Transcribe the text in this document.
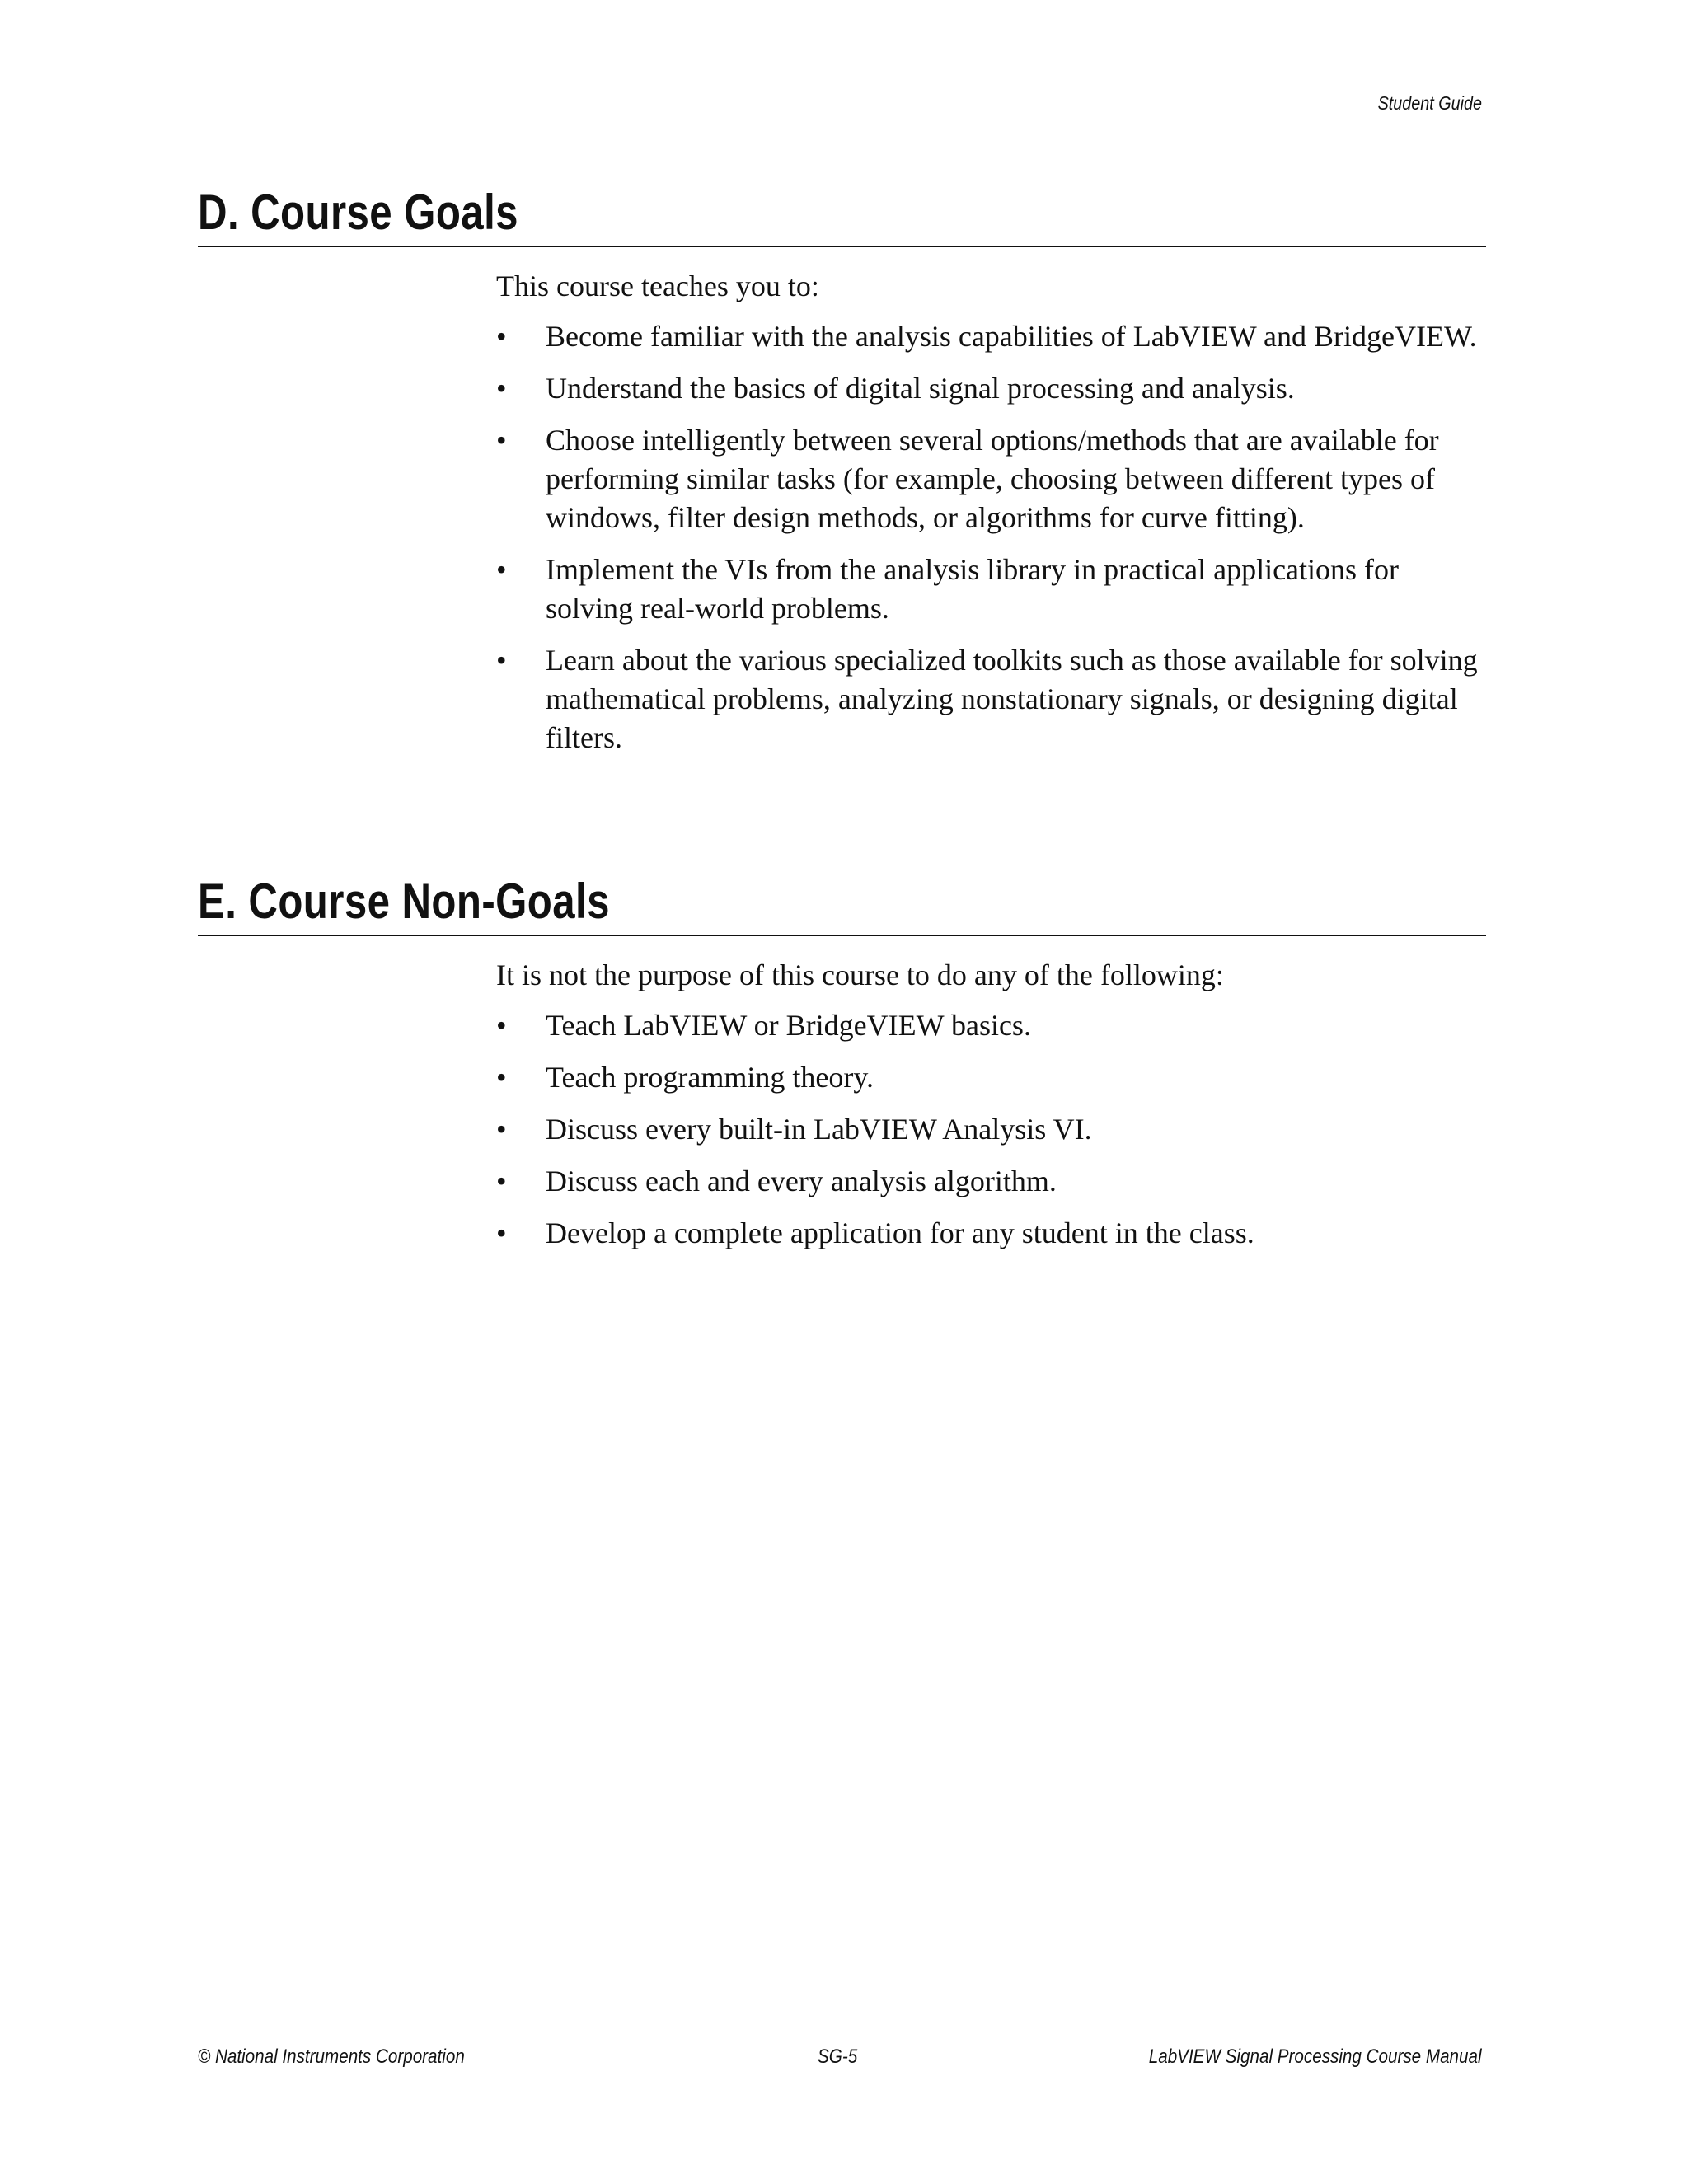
Student Guide
D. Course Goals

This course teaches you to:

• Become familiar with the analysis capabilities of LabVIEW and BridgeVIEW.
• Understand the basics of digital signal processing and analysis.
• Choose intelligently between several options/methods that are available for performing similar tasks (for example, choosing between different types of windows, filter design methods, or algorithms for curve fitting).
• Implement the VIs from the analysis library in practical applications for solving real-world problems.
• Learn about the various specialized toolkits such as those available for solving mathematical problems, analyzing nonstationary signals, or designing digital filters.
E. Course Non-Goals

It is not the purpose of this course to do any of the following:

• Teach LabVIEW or BridgeVIEW basics.
• Teach programming theory.
• Discuss every built-in LabVIEW Analysis VI.
• Discuss each and every analysis algorithm.
• Develop a complete application for any student in the class.
© National Instruments Corporation	SG-5	LabVIEW Signal Processing Course Manual
